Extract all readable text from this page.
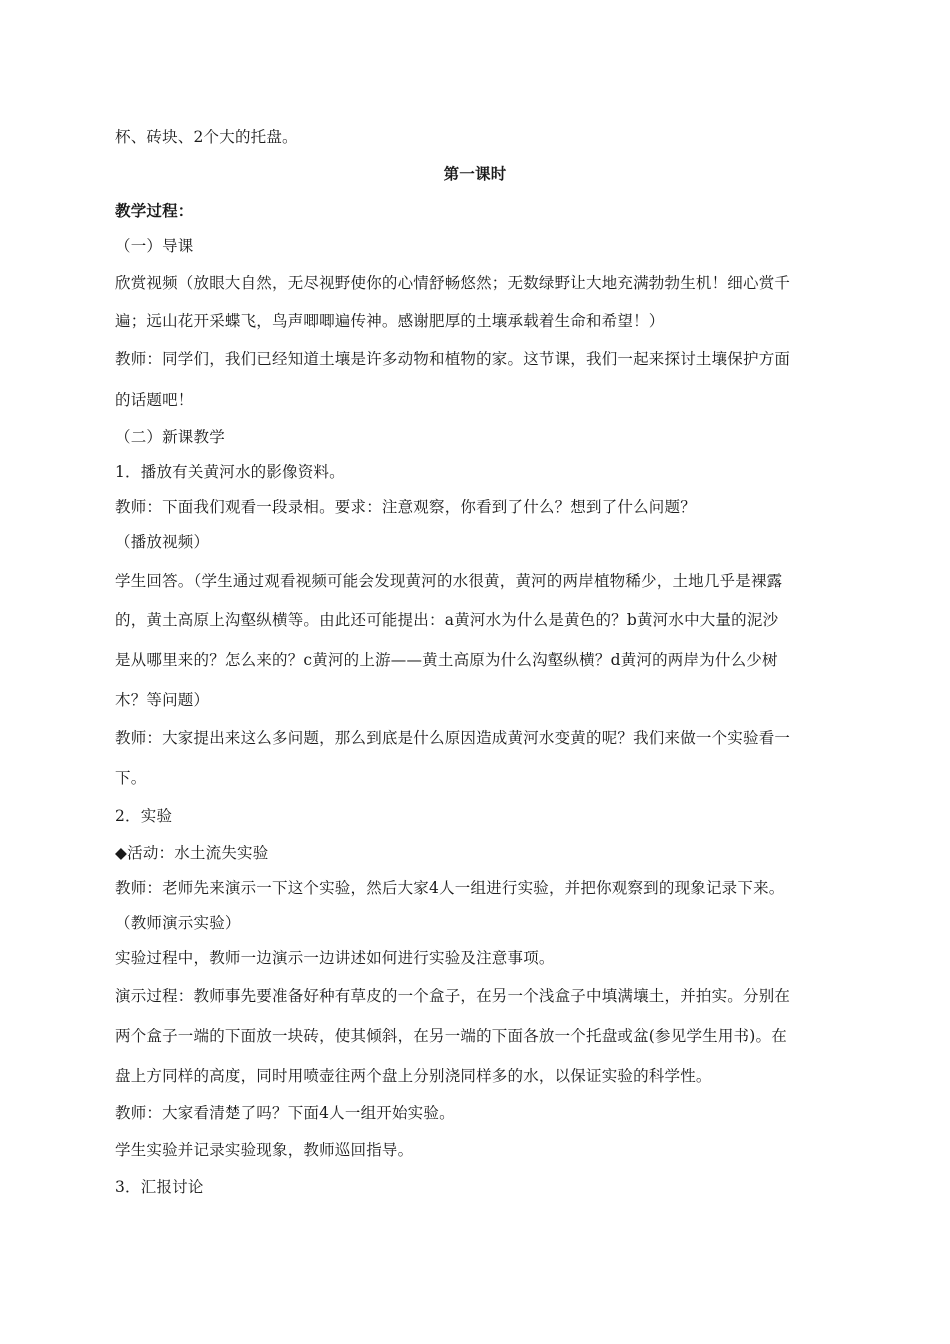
杯、砖块、2个大的托盘。
第一课时
教学过程：
（一）导课
欣赏视频（放眼大自然，无尽视野使你的心情舒畅悠然；无数绿野让大地充满勃勃生机！细心赏千
遍；远山花开采蝶飞，鸟声唧唧遍传神。感谢肥厚的土壤承载着生命和希望！）
教师：同学们，我们已经知道土壤是许多动物和植物的家。这节课，我们一起来探讨土壤保护方面
的话题吧！
（二）新课教学
1．播放有关黄河水的影像资料。
教师：下面我们观看一段录相。要求：注意观察，你看到了什么？想到了什么问题？
（播放视频）
学生回答。（学生通过观看视频可能会发现黄河的水很黄，黄河的两岸植物稀少，土地几乎是裸露
的，黄土高原上沟壑纵横等。由此还可能提出：a黄河水为什么是黄色的？b黄河水中大量的泥沙
是从哪里来的？怎么来的？c黄河的上游——黄土高原为什么沟壑纵横？d黄河的两岸为什么少树
木？等问题）
教师：大家提出来这么多问题，那么到底是什么原因造成黄河水变黄的呢？我们来做一个实验看一
下。
2．实验
◆活动：水土流失实验
教师：老师先来演示一下这个实验，然后大家4人一组进行实验，并把你观察到的现象记录下来。
（教师演示实验）
实验过程中，教师一边演示一边讲述如何进行实验及注意事项。
演示过程：教师事先要准备好种有草皮的一个盒子，在另一个浅盒子中填满壤土，并拍实。分别在
两个盒子一端的下面放一块砖，使其倾斜，在另一端的下面各放一个托盘或盆(参见学生用书)。在
盘上方同样的高度，同时用喷壶往两个盘上分别浇同样多的水，以保证实验的科学性。
教师：大家看清楚了吗？下面4人一组开始实验。
学生实验并记录实验现象，教师巡回指导。
3．汇报讨论
